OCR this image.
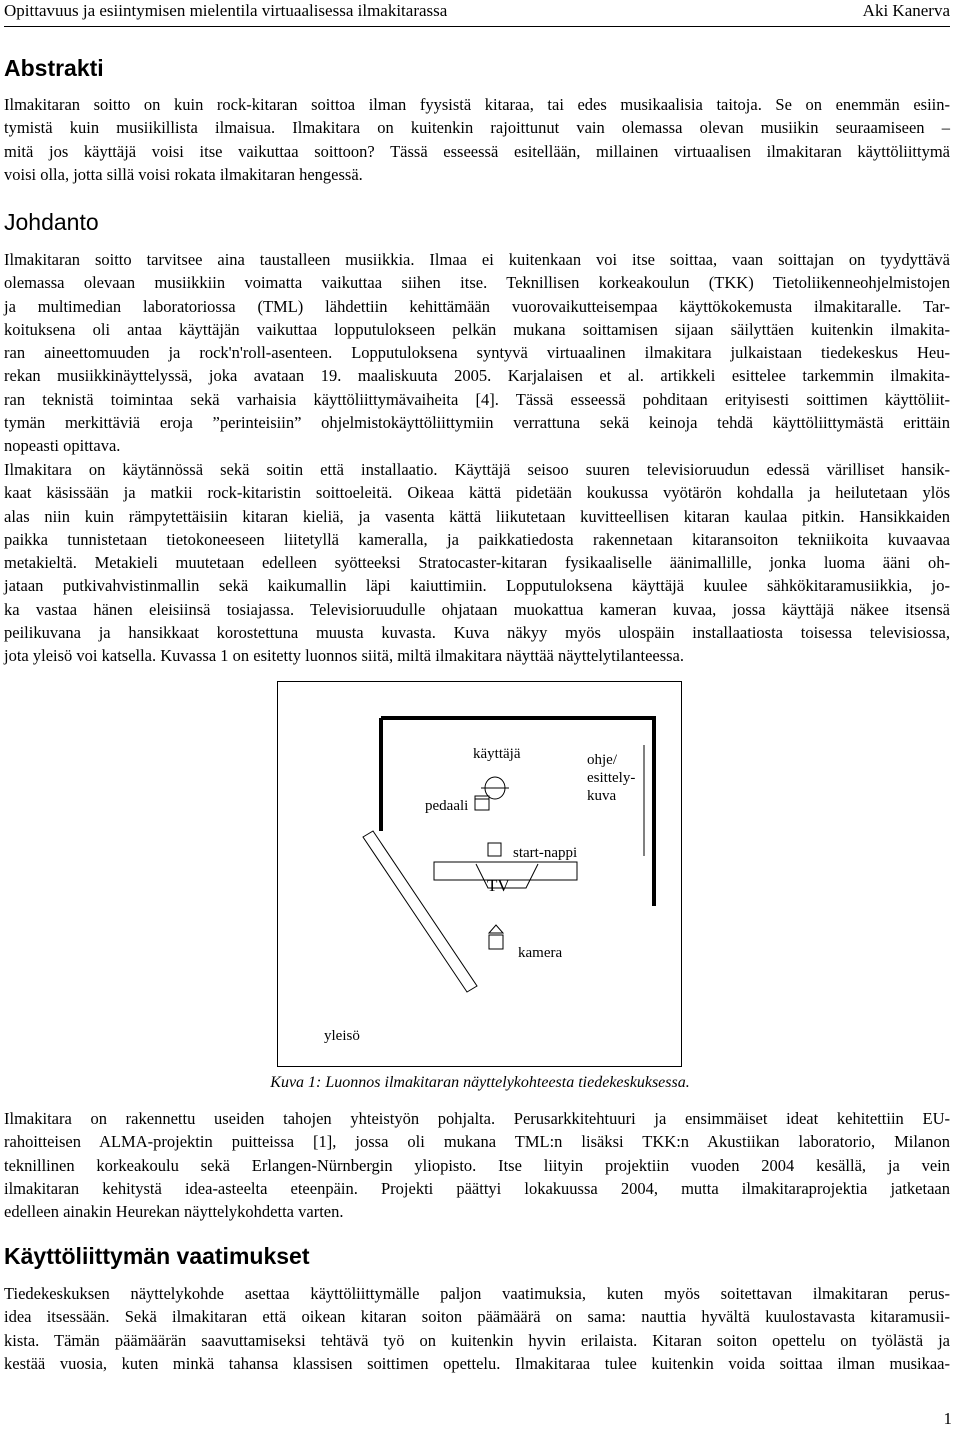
Opittavuus ja esiintymisen mielentila virtuaalisessa ilmakitarassa	Aki Kanerva
Abstrakti
Ilmakitaran soitto on kuin rock-kitaran soittoa ilman fyysistä kitaraa, tai edes musikaalisia taitoja. Se on enemmän esiin-
tymistä kuin musiikillista ilmaisua. Ilmakitara on kuitenkin rajoittunut vain olemassa olevan musiikin seuraamiseen –
mitä jos käyttäjä voisi itse vaikuttaa soittoon? Tässä esseessä esitellään, millainen virtuaalisen ilmakitaran käyttöliittymä
voisi olla, jotta sillä voisi rokata ilmakitaran hengessä.
Johdanto
Ilmakitaran soitto tarvitsee aina taustalleen musiikkia. Ilmaa ei kuitenkaan voi itse soittaa, vaan soittajan on tyydyttävä
olemassa olevaan musiikkiin voimatta vaikuttaa siihen itse. Teknillisen korkeakoulun (TKK) Tietoliikenneohjelmistojen
ja multimedian laboratoriossa (TML) lähdettiin kehittämään vuorovaikutteisempaa käyttökokemusta ilmakitaralle. Tar-
koituksena oli antaa käyttäjän vaikuttaa lopputulokseen pelkän mukana soittamisen sijaan säilyttäen kuitenkin ilmakita-
ran aineettomuuden ja rock'n'roll-asenteen. Lopputuloksena syntyvä virtuaalinen ilmakitara julkaistaan tiedekeskus Heu-
rekan musiikkinäyttelyssä, joka avataan 19. maaliskuuta 2005. Karjalaisen et al. artikkeli esittelee tarkemmin ilmakita-
ran teknistä toimintaa sekä varhaisia käyttöliittymävaiheita [4]. Tässä esseessä pohditaan erityisesti soittimen käyttöliit-
tymän merkittäviä eroja ”perinteisiin” ohjelmistokäyttöliittymiin verrattuna sekä keinoja tehdä käyttöliittymästä erittäin
nopeasti opittava.
Ilmakitara on käytännössä sekä soitin että installaatio. Käyttäjä seisoo suuren televisioruudun edessä värilliset hansik-
kaat käsissään ja matkii rock-kitaristin soittoeleitä. Oikeaa kättä pidetään koukussa vyötärön kohdalla ja heilutetaan ylös
alas niin kuin rämpytettäisiin kitaran kieliä, ja vasenta kättä liikutetaan kuvitteellisen kitaran kaulaa pitkin. Hansikkaiden
paikka tunnistetaan tietokoneeseen liitetyllä kameralla, ja paikkatiedosta rakennetaan kitaransoiton tekniikoita kuvaavaa
metakieltä. Metakieli muutetaan edelleen syötteeksi Stratocaster-kitaran fysikaaliselle äänimallille, jonka luoma ääni oh-
jataan putkivahvistinmallin sekä kaikumallin läpi kaiuttimiin. Lopputuloksena käyttäjä kuulee sähkökitaramusiikkia, jo-
ka vastaa hänen eleisiinsä tosiajassa. Televisioruudulle ohjataan muokattua kameran kuvaa, jossa käyttäjä näkee itsensä
peilikuvana ja hansikkaat korostettuna muusta kuvasta. Kuva näkyy myös ulospäin installaatiosta toisessa televisiossa,
jota yleisö voi katsella. Kuvassa 1 on esitetty luonnos siitä, miltä ilmakitara näyttää näyttelytilanteessa.
käyttäjä	ohje/
esittely-
kuva
pedaali
start-nappi
TV
kamera
yleisö
Kuva 1: Luonnos ilmakitaran näyttelykohteesta tiedekeskuksessa.
Ilmakitara on rakennettu useiden tahojen yhteistyön pohjalta. Perusarkkitehtuuri ja ensimmäiset ideat kehitettiin EU-
rahoitteisen ALMA-projektin puitteissa [1], jossa oli mukana TML:n lisäksi TKK:n Akustiikan laboratorio, Milanon
teknillinen korkeakoulu sekä Erlangen-Nürnbergin yliopisto. Itse liityin projektiin vuoden 2004 kesällä, ja vein
ilmakitaran kehitystä idea-asteelta eteenpäin. Projekti päättyi lokakuussa 2004, mutta ilmakitaraprojektia jatketaan
edelleen ainakin Heurekan näyttelykohdetta varten.
Käyttöliittymän vaatimukset
Tiedekeskuksen näyttelykohde asettaa käyttöliittymälle paljon vaatimuksia, kuten myös soitettavan ilmakitaran perus-
idea itsessään. Sekä ilmakitaran että oikean kitaran soiton päämäärä on sama: nauttia hyvältä kuulostavasta kitaramusii-
kista. Tämän päämäärän saavuttamiseksi tehtävä työ on kuitenkin hyvin erilaista. Kitaran soiton opettelu on työlästä ja
kestää vuosia, kuten minkä tahansa klassisen soittimen opettelu. Ilmakitaraa tulee kuitenkin voida soittaa ilman musikaa-
1
